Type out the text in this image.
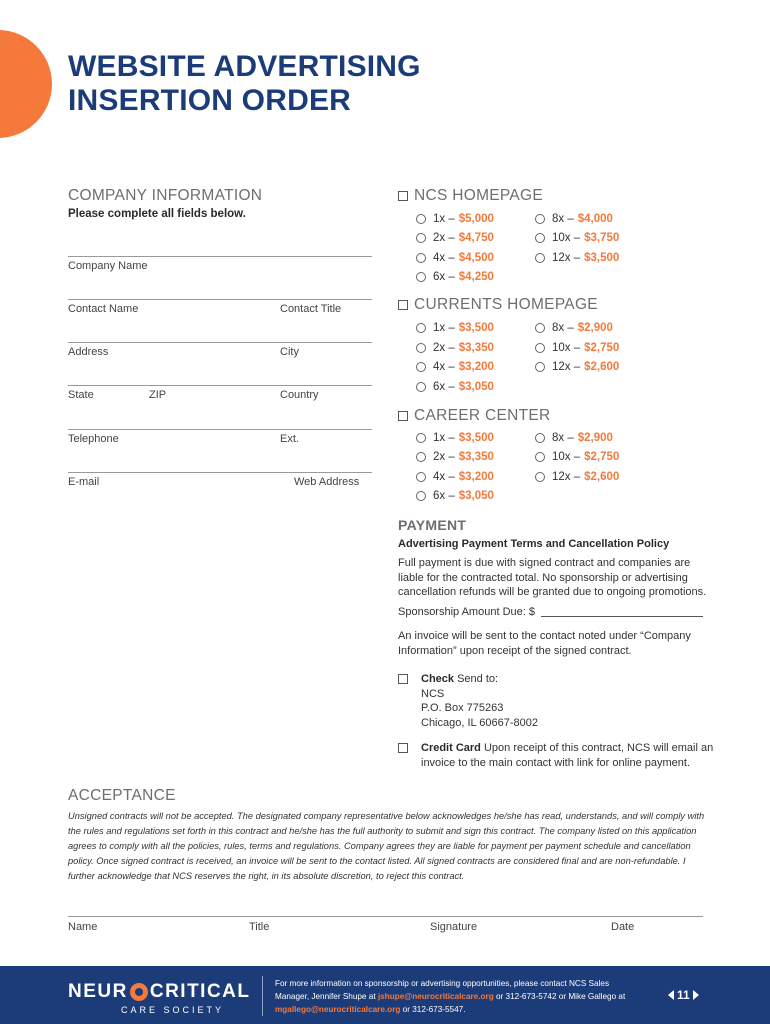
WEBSITE ADVERTISING
INSERTION ORDER
COMPANY INFORMATION
Please complete all fields below.
Company Name
Contact Name	Contact Title
Address	City
State	ZIP	Country
Telephone	Ext.
E-mail	Web Address
NCS HOMEPAGE
1x – $5,000
2x – $4,750
4x – $4,500
6x – $4,250
8x – $4,000
10x – $3,750
12x – $3,500
CURRENTS HOMEPAGE
1x – $3,500
2x – $3,350
4x – $3,200
6x – $3,050
8x – $2,900
10x – $2,750
12x – $2,600
CAREER CENTER
1x – $3,500
2x – $3,350
4x – $3,200
6x – $3,050
8x – $2,900
10x – $2,750
12x – $2,600
PAYMENT
Advertising Payment Terms and Cancellation Policy
Full payment is due with signed contract and companies are liable for the contracted total. No sponsorship or advertising cancellation refunds will be granted due to ongoing promotions.
Sponsorship Amount Due: $
An invoice will be sent to the contact noted under “Company Information” upon receipt of the signed contract.
Check Send to:
NCS
P.O. Box 775263
Chicago, IL 60667-8002
Credit Card Upon receipt of this contract, NCS will email an invoice to the main contact with link for online payment.
ACCEPTANCE
Unsigned contracts will not be accepted. The designated company representative below acknowledges he/she has read, understands, and will comply with the rules and regulations set forth in this contract and he/she has the full authority to submit and sign this contract. The company listed on this application agrees to comply with all the policies, rules, terms and regulations. Company agrees they are liable for payment per payment schedule and cancellation policy. Once signed contract is received, an invoice will be sent to the contact listed. All signed contracts are considered final and are non-refundable. I further acknowledge that NCS reserves the right, in its absolute discretion, to reject this contract.
Name	Title	Signature	Date
NEUR CRITICAL
CARE SOCIETY
For more information on sponsorship or advertising opportunities, please contact NCS Sales Manager, Jennifer Shupe at jshupe@neurocriticalcare.org or 312-673-5742 or Mike Gallego at mgallego@neurocriticalcare.org or 312-673-5547.
11
